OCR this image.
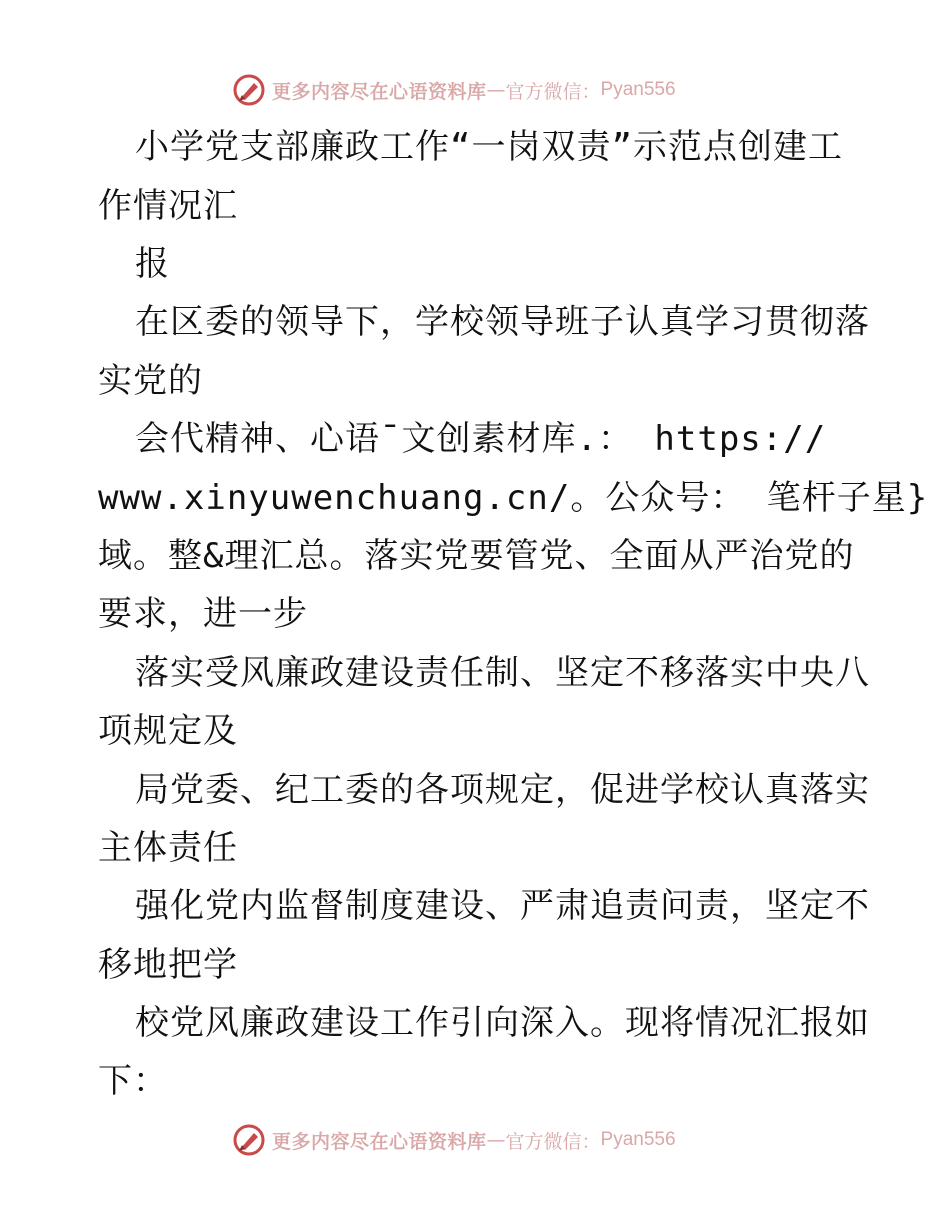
更多内容尽在心语资料库 — 官方微信： Pyan556
小学党支部廉政工作“一岗双责”示范点创建工
作情况汇
报
在区委的领导下，学校领导班子认真学习贯彻落
实党的
会代精神、心语¯文创素材库.： https://
www.xinyuwenchuang.cn/。公众号： 笔杆子星}
域。整&理汇总。落实党要管党、全面从严治党的
要求，进一步
落实受风廉政建设责任制、坚定不移落实中央八
项规定及
局党委、纪工委的各项规定，促进学校认真落实
主体责任
强化党内监督制度建设、严肃追责问责，坚定不
移地把学
校党风廉政建设工作引向深入。现将情况汇报如
下：
更多内容尽在心语资料库 — 官方微信： Pyan556
